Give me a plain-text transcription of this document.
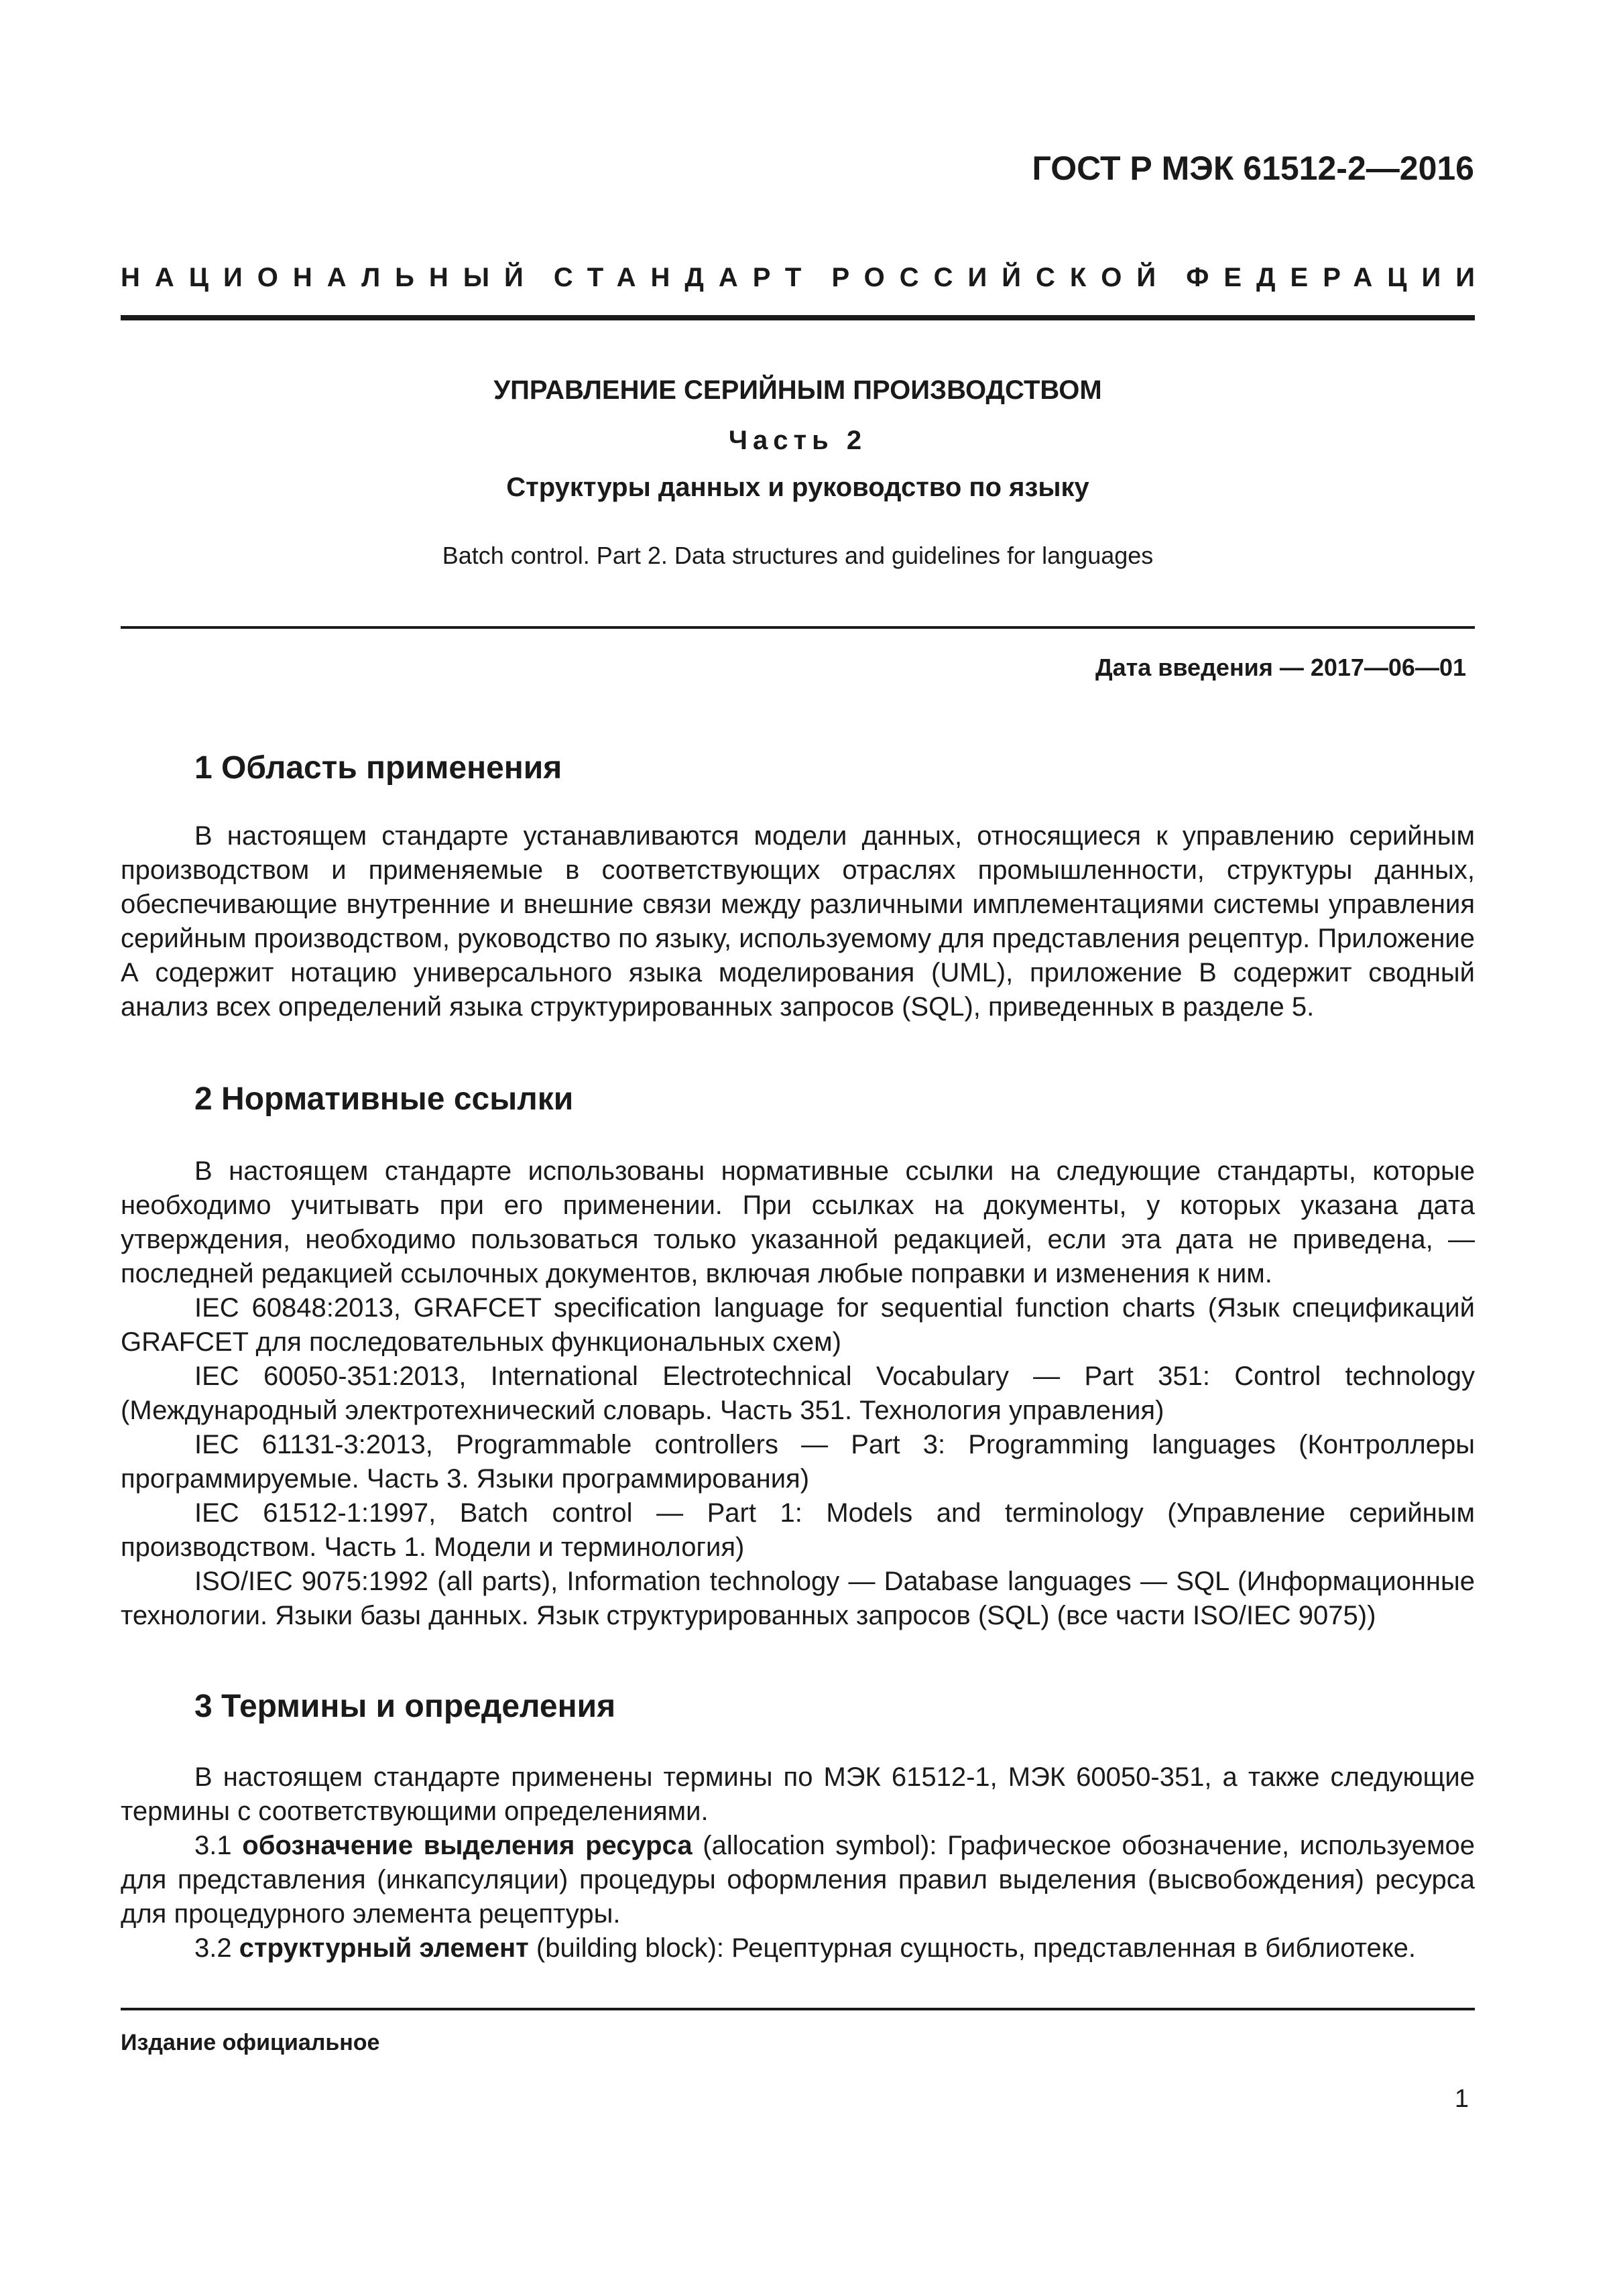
ГОСТ Р МЭК 61512-2—2016
НАЦИОНАЛЬНЫЙ СТАНДАРТ РОССИЙСКОЙ ФЕДЕРАЦИИ
УПРАВЛЕНИЕ СЕРИЙНЫМ ПРОИЗВОДСТВОМ
Часть 2
Структуры данных и руководство по языку
Batch control. Part 2. Data structures and guidelines for languages
Дата введения — 2017—06—01
1 Область применения

В настоящем стандарте устанавливаются модели данных, относящиеся к управлению серийным производством и применяемые в соответствующих отраслях промышленности, структуры данных, обеспечивающие внутренние и внешние связи между различными имплементациями системы управления серийным производством, руководство по языку, используемому для представления рецептур. Приложение А содержит нотацию универсального языка моделирования (UML), приложение В содержит сводный анализ всех определений языка структурированных запросов (SQL), приведенных в разделе 5.

2 Нормативные ссылки

В настоящем стандарте использованы нормативные ссылки на следующие стандарты, которые необходимо учитывать при его применении. При ссылках на документы, у которых указана дата утверждения, необходимо пользоваться только указанной редакцией, если эта дата не приведена, — последней редакцией ссылочных документов, включая любые поправки и изменения к ним.

IEC 60848:2013, GRAFCET specification language for sequential function charts (Язык спецификаций GRAFCET для последовательных функциональных схем)

IEC 60050-351:2013, International Electrotechnical Vocabulary — Part 351: Control technology (Международный электротехнический словарь. Часть 351. Технология управления)

IEC 61131-3:2013, Programmable controllers — Part 3: Programming languages (Контроллеры программируемые. Часть 3. Языки программирования)

IEC 61512-1:1997, Batch control — Part 1: Models and terminology (Управление серийным производством. Часть 1. Модели и терминология)

ISO/IEC 9075:1992 (all parts), Information technology — Database languages — SQL (Информационные технологии. Языки базы данных. Язык структурированных запросов (SQL) (все части ISO/IEC 9075))

3 Термины и определения

В настоящем стандарте применены термины по МЭК 61512-1, МЭК 60050-351, а также следующие термины с соответствующими определениями.

3.1 обозначение выделения ресурса (allocation symbol): Графическое обозначение, используемое для представления (инкапсуляции) процедуры оформления правил выделения (высвобождения) ресурса для процедурного элемента рецептуры.

3.2 структурный элемент (building block): Рецептурная сущность, представленная в библиотеке.

Издание официальное
1
